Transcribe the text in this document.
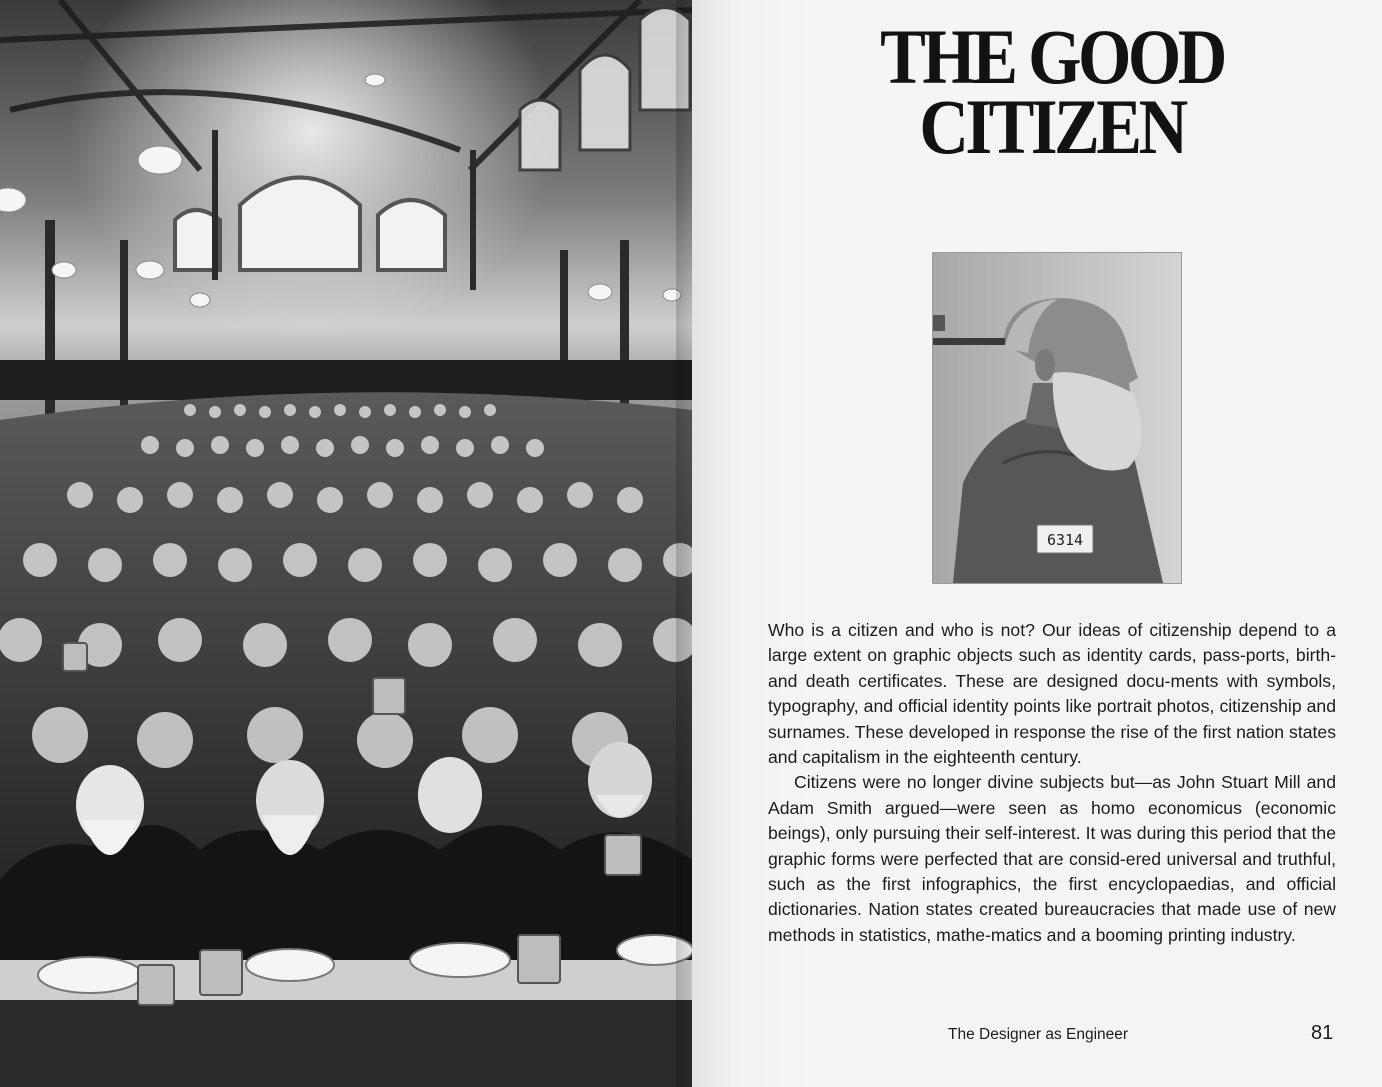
THE GOOD
CITIZEN
6314

Who is a citizen and who is not? Our ideas of citizenship depend to a large extent on graphic objects such as identity cards, pass-ports, birth- and death certificates. These are designed docu-ments with symbols, typography, and official identity points like portrait photos, citizenship and surnames. These developed in response the rise of the first nation states and capitalism in the eighteenth century.

Citizens were no longer divine subjects but—as John Stuart Mill and Adam Smith argued—were seen as homo economicus (economic beings), only pursuing their self-interest. It was during this period that the graphic forms were perfected that are consid-ered universal and truthful, such as the first infographics, the first encyclopaedias, and official dictionaries. Nation states created bureaucracies that made use of new methods in statistics, mathe-matics and a booming printing industry.

The Designer as Engineer	81
